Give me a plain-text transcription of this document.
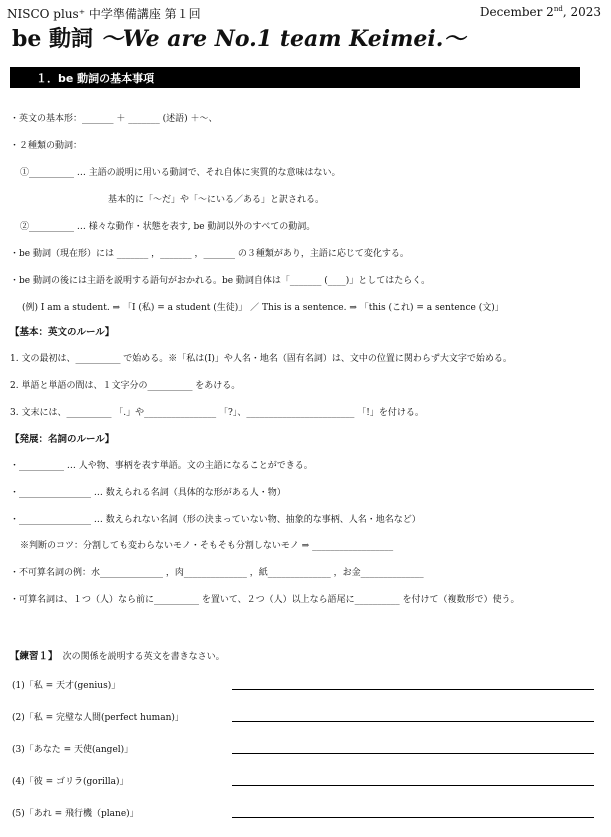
NISCO plus⁺ 中学準備講座 第１回	December 2nd, 2023
be 動詞 〜We are No.1 team Keimei.〜
１．be 動詞の基本事項
・英文の基本形：_______ ＋ _______ (述語) ＋〜、
・２種類の動詞：
①__________ … 主語の説明に用いる動詞で、それ自体に実質的な意味はない。
基本的に「〜だ」や「〜にいる／ある」と訳される。
②__________ … 様々な動作・状態を表す, be 動詞以外のすべての動詞。
・be 動詞（現在形）には _______ ，_______ ，_______ の３種類があり，主語に応じて変化する。
・be 動詞の後には主語を説明する語句がおかれる。be 動詞自体は「_______ (____)」としてはたらく。
(例) I am a student. ⇒ 「I (私) = a student (生徒)」 ／ This is a sentence. ⇒ 「this (これ) = a sentence (文)」
【基本：英文のルール】
1. 文の最初は、__________ で始める。※「私は(I)」や人名・地名（固有名詞）は、文中の位置に関わらず大文字で始める。
2. 単語と単語の間は、１文字分の__________ をあける。
3. 文末には、__________ 「.」や________________ 「?」、________________________ 「!」を付ける。
【発展：名詞のルール】
・__________ … 人や物、事柄を表す単語。文の主語になることができる。
・________________ … 数えられる名詞（具体的な形がある人・物）
・________________ … 数えられない名詞（形の決まっていない物、抽象的な事柄、人名・地名など）
※判断のコツ：分割しても変わらないモノ・そもそも分割しないモノ ⇒ __________________
・不可算名詞の例：水______________ ，肉______________ ，紙______________ ，お金______________
・可算名詞は、１つ（人）なら前に__________ を置いて、２つ（人）以上なら語尾に__________ を付けて（複数形で）使う。
【練習１】 次の関係を説明する英文を書きなさい。
(1)「私 = 天才(genius)」
(2)「私 = 完璧な人間(perfect human)」
(3)「あなた = 天使(angel)」
(4)「彼 = ゴリラ(gorilla)」
(5)「あれ = 飛行機（plane)」
